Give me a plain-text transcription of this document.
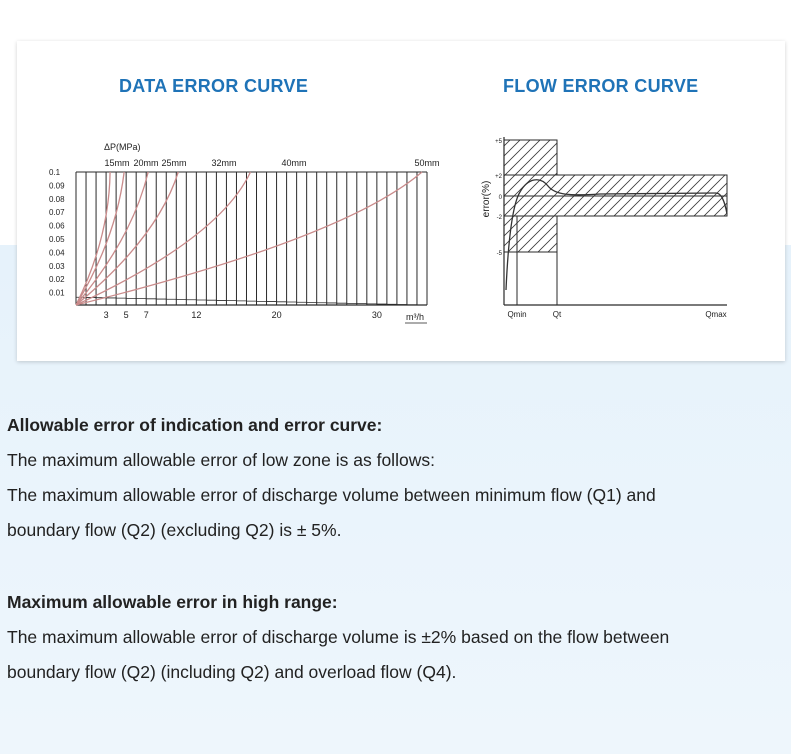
DATA ERROR CURVE	FLOW ERROR CURVE
15mm 20mm 25mm	32mm	40mm	50mm
ΔP(MPa)
0.1
0.09
0.08
0.07
0.06
0.05
0.04
0.03
0.02
0.01
3 5 7	12	20	30	m³/h
+5
+2
0
-2
-5
error(%)
Qmin	Qt	Qmax

Allowable error of indication and error curve:

The maximum allowable error of low zone is as follows:

The maximum allowable error of discharge volume between minimum flow (Q1) and

boundary flow (Q2) (excluding Q2) is ± 5%.

Maximum allowable error in high range:

The maximum allowable error of discharge volume is ±2% based on the flow between

boundary flow (Q2) (including Q2) and overload flow (Q4).
